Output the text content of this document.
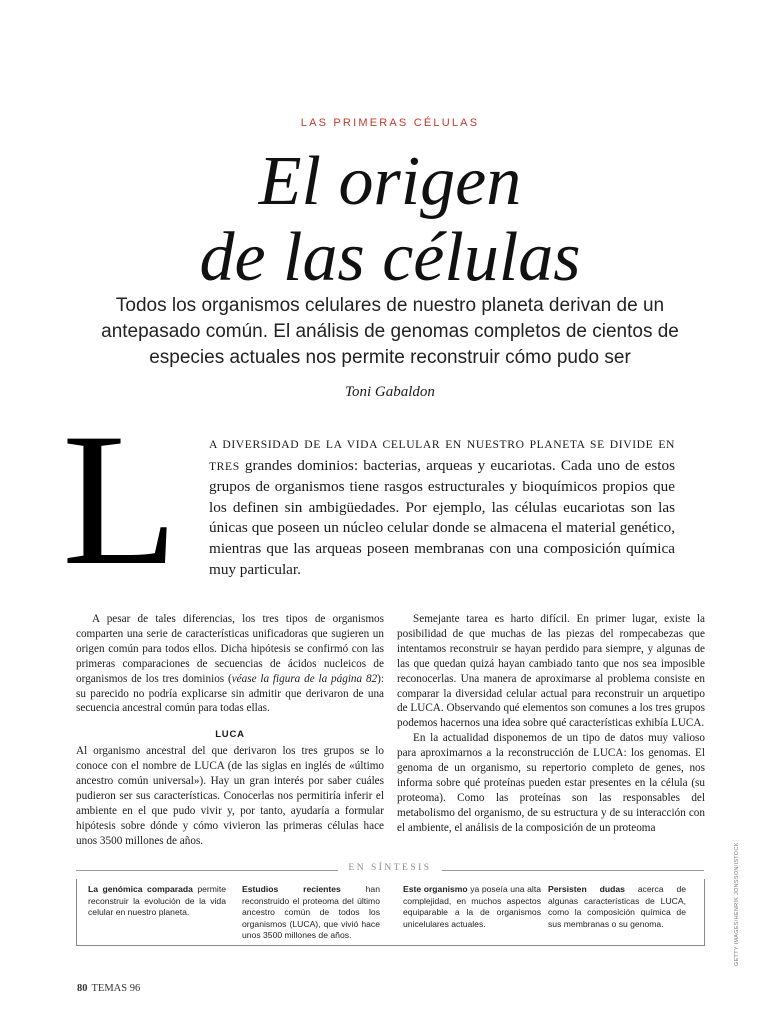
LAS PRIMERAS CÉLULAS
El origen
de las células
Todos los organismos celulares de nuestro planeta derivan de un antepasado común. El análisis de genomas completos de cientos de especies actuales nos permite reconstruir cómo pudo ser
Toni Gabaldon
L	A DIVERSIDAD DE LA VIDA CELULAR EN NUESTRO PLANETA SE DIVIDE EN TRES grandes dominios: bacterias, arqueas y eucariotas. Cada uno de estos grupos de organismos tiene rasgos estructurales y bioquímicos propios que los definen sin ambigüedades. Por ejemplo, las células eucariotas son las únicas que poseen un núcleo celular donde se almacena el material genético, mientras que las arqueas poseen membranas con una composición química muy particular.

A pesar de tales diferencias, los tres tipos de organismos comparten una serie de características unificadoras que sugieren un origen común para todos ellos. Dicha hipótesis se confirmó con las primeras comparaciones de secuencias de ácidos nucleicos de organismos de los tres dominios (véase la figura de la página 82): su parecido no podría explicarse sin admitir que derivaron de una secuencia ancestral común para todas ellas.

LUCA

Al organismo ancestral del que derivaron los tres grupos se lo conoce con el nombre de LUCA (de las siglas en inglés de «último ancestro común universal»). Hay un gran interés por saber cuáles pudieron ser sus características. Conocerlas nos permitiría inferir el ambiente en el que pudo vivir y, por tanto, ayudaría a formular hipótesis sobre dónde y cómo vivieron las primeras células hace unos 3500 millones de años.

Semejante tarea es harto difícil. En primer lugar, existe la posibilidad de que muchas de las piezas del rompecabezas que intentamos reconstruir se hayan perdido para siempre, y algunas de las que quedan quizá hayan cambiado tanto que nos sea imposible reconocerlas. Una manera de aproximarse al problema consiste en comparar la diversidad celular actual para reconstruir un arquetipo de LUCA. Observando qué elementos son comunes a los tres grupos podemos hacernos una idea sobre qué características exhibía LUCA.

En la actualidad disponemos de un tipo de datos muy valioso para aproximarnos a la reconstrucción de LUCA: los genomas. El genoma de un organismo, su repertorio completo de genes, nos informa sobre qué proteínas pueden estar presentes en la célula (su proteoma). Como las proteínas son las responsables del metabolismo del organismo, de su estructura y de su interacción con el ambiente, el análisis de la composición de un proteoma

EN SÍNTESIS
La genómica comparada permite reconstruir la evolución de la vida celular en nuestro planeta.
Estudios recientes han reconstruido el proteoma del último ancestro común de todos los organismos (LUCA), que vivió hace unos 3500 millones de años.
Este organismo ya poseía una alta complejidad, en muchos aspectos equiparable a la de organismos unicelulares actuales.
Persisten dudas acerca de algunas características de LUCA, como la composición química de sus membranas o su genoma.	GETTY IMAGES/HENRIK JONSSON/ISTOCK
80 TEMAS 96
